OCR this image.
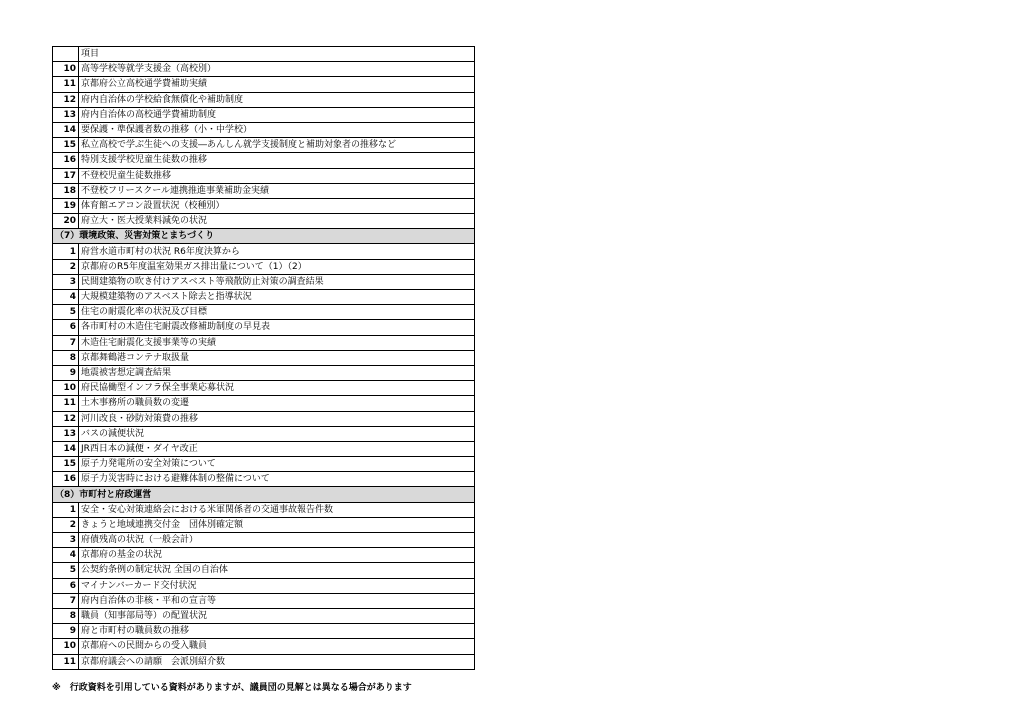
	項目
10	高等学校等就学支援金（高校別）
11	京都府公立高校通学費補助実績
12	府内自治体の学校給食無償化や補助制度
13	府内自治体の高校通学費補助制度
14	要保護・準保護者数の推移（小・中学校）
15	私立高校で学ぶ生徒への支援―あんしん就学支援制度と補助対象者の推移など
16	特別支援学校児童生徒数の推移
17	不登校児童生徒数推移
18	不登校フリースクール連携推進事業補助金実績
19	体育館エアコン設置状況（校種別）
20	府立大・医大授業料減免の状況
（7）環境政策、災害対策とまちづくり	
1	府営水道市町村の状況 R6年度決算から
2	京都府のR5年度温室効果ガス排出量について（1）（2）
3	民間建築物の吹き付けアスベスト等飛散防止対策の調査結果
4	大規模建築物のアスベスト除去と指導状況
5	住宅の耐震化率の状況及び目標
6	各市町村の木造住宅耐震改修補助制度の早見表
7	木造住宅耐震化支援事業等の実績
8	京都舞鶴港コンテナ取扱量
9	地震被害想定調査結果
10	府民協働型インフラ保全事業応募状況
11	土木事務所の職員数の変遷
12	河川改良・砂防対策費の推移
13	バスの減便状況
14	JR西日本の減便・ダイヤ改正
15	原子力発電所の安全対策について
16	原子力災害時における避難体制の整備について
（8）市町村と府政運営	
1	安全・安心対策連絡会における米軍関係者の交通事故報告件数
2	きょうと地域連携交付金　団体別確定額
3	府債残高の状況（一般会計）
4	京都府の基金の状況
5	公契約条例の制定状況 全国の自治体
6	マイナンバーカード交付状況
7	府内自治体の非核・平和の宣言等
8	職員（知事部局等）の配置状況
9	府と市町村の職員数の推移
10	京都府への民間からの受入職員
11	京都府議会への請願　会派別紹介数
※　行政資料を引用している資料がありますが、議員団の見解とは異なる場合があります
